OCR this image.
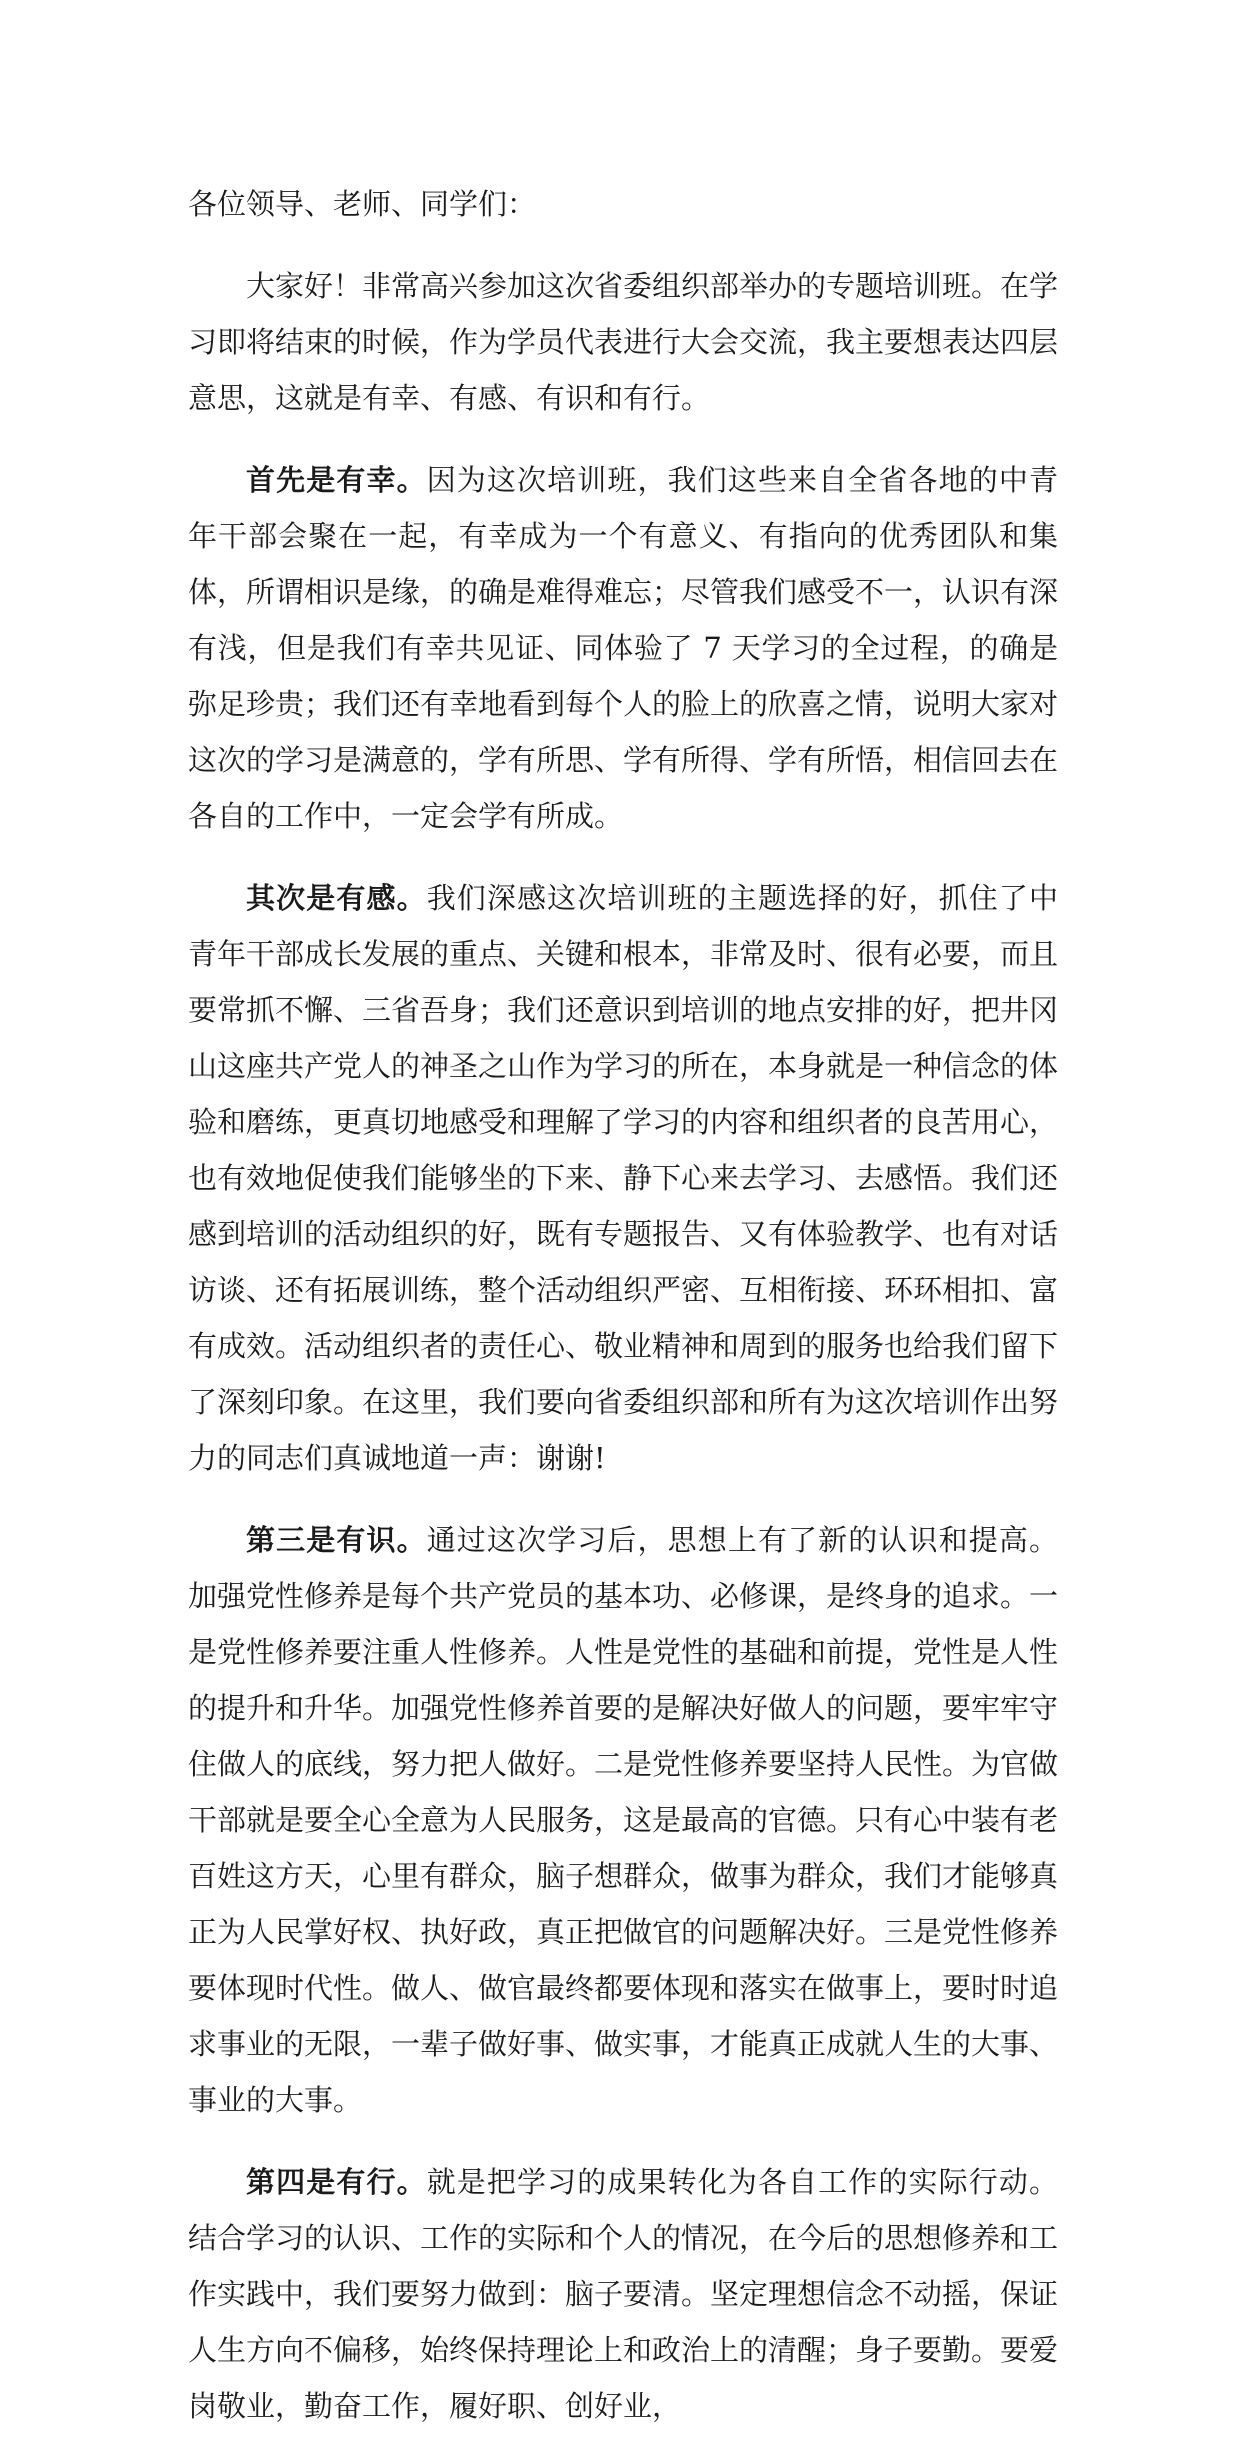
各位领导、老师、同学们：

大家好！非常高兴参加这次省委组织部举办的专题培训班。在学习即将结束的时候，作为学员代表进行大会交流，我主要想表达四层意思，这就是有幸、有感、有识和有行。

首先是有幸。因为这次培训班，我们这些来自全省各地的中青年干部会聚在一起，有幸成为一个有意义、有指向的优秀团队和集体，所谓相识是缘，的确是难得难忘；尽管我们感受不一，认识有深有浅，但是我们有幸共见证、同体验了 7 天学习的全过程，的确是弥足珍贵；我们还有幸地看到每个人的脸上的欣喜之情，说明大家对这次的学习是满意的，学有所思、学有所得、学有所悟，相信回去在各自的工作中，一定会学有所成。

其次是有感。我们深感这次培训班的主题选择的好，抓住了中青年干部成长发展的重点、关键和根本，非常及时、很有必要，而且要常抓不懈、三省吾身；我们还意识到培训的地点安排的好，把井冈山这座共产党人的神圣之山作为学习的所在，本身就是一种信念的体验和磨练，更真切地感受和理解了学习的内容和组织者的良苦用心，也有效地促使我们能够坐的下来、静下心来去学习、去感悟。我们还感到培训的活动组织的好，既有专题报告、又有体验教学、也有对话访谈、还有拓展训练，整个活动组织严密、互相衔接、环环相扣、富有成效。活动组织者的责任心、敬业精神和周到的服务也给我们留下了深刻印象。在这里，我们要向省委组织部和所有为这次培训作出努力的同志们真诚地道一声：谢谢!

第三是有识。通过这次学习后，思想上有了新的认识和提高。加强党性修养是每个共产党员的基本功、必修课，是终身的追求。一是党性修养要注重人性修养。人性是党性的基础和前提，党性是人性的提升和升华。加强党性修养首要的是解决好做人的问题，要牢牢守住做人的底线，努力把人做好。二是党性修养要坚持人民性。为官做干部就是要全心全意为人民服务，这是最高的官德。只有心中装有老百姓这方天，心里有群众，脑子想群众，做事为群众，我们才能够真正为人民掌好权、执好政，真正把做官的问题解决好。三是党性修养要体现时代性。做人、做官最终都要体现和落实在做事上，要时时追求事业的无限，一辈子做好事、做实事，才能真正成就人生的大事、事业的大事。

第四是有行。就是把学习的成果转化为各自工作的实际行动。结合学习的认识、工作的实际和个人的情况，在今后的思想修养和工作实践中，我们要努力做到：脑子要清。坚定理想信念不动摇，保证人生方向不偏移，始终保持理论上和政治上的清醒；身子要勤。要爱岗敬业，勤奋工作，履好职、创好业，
